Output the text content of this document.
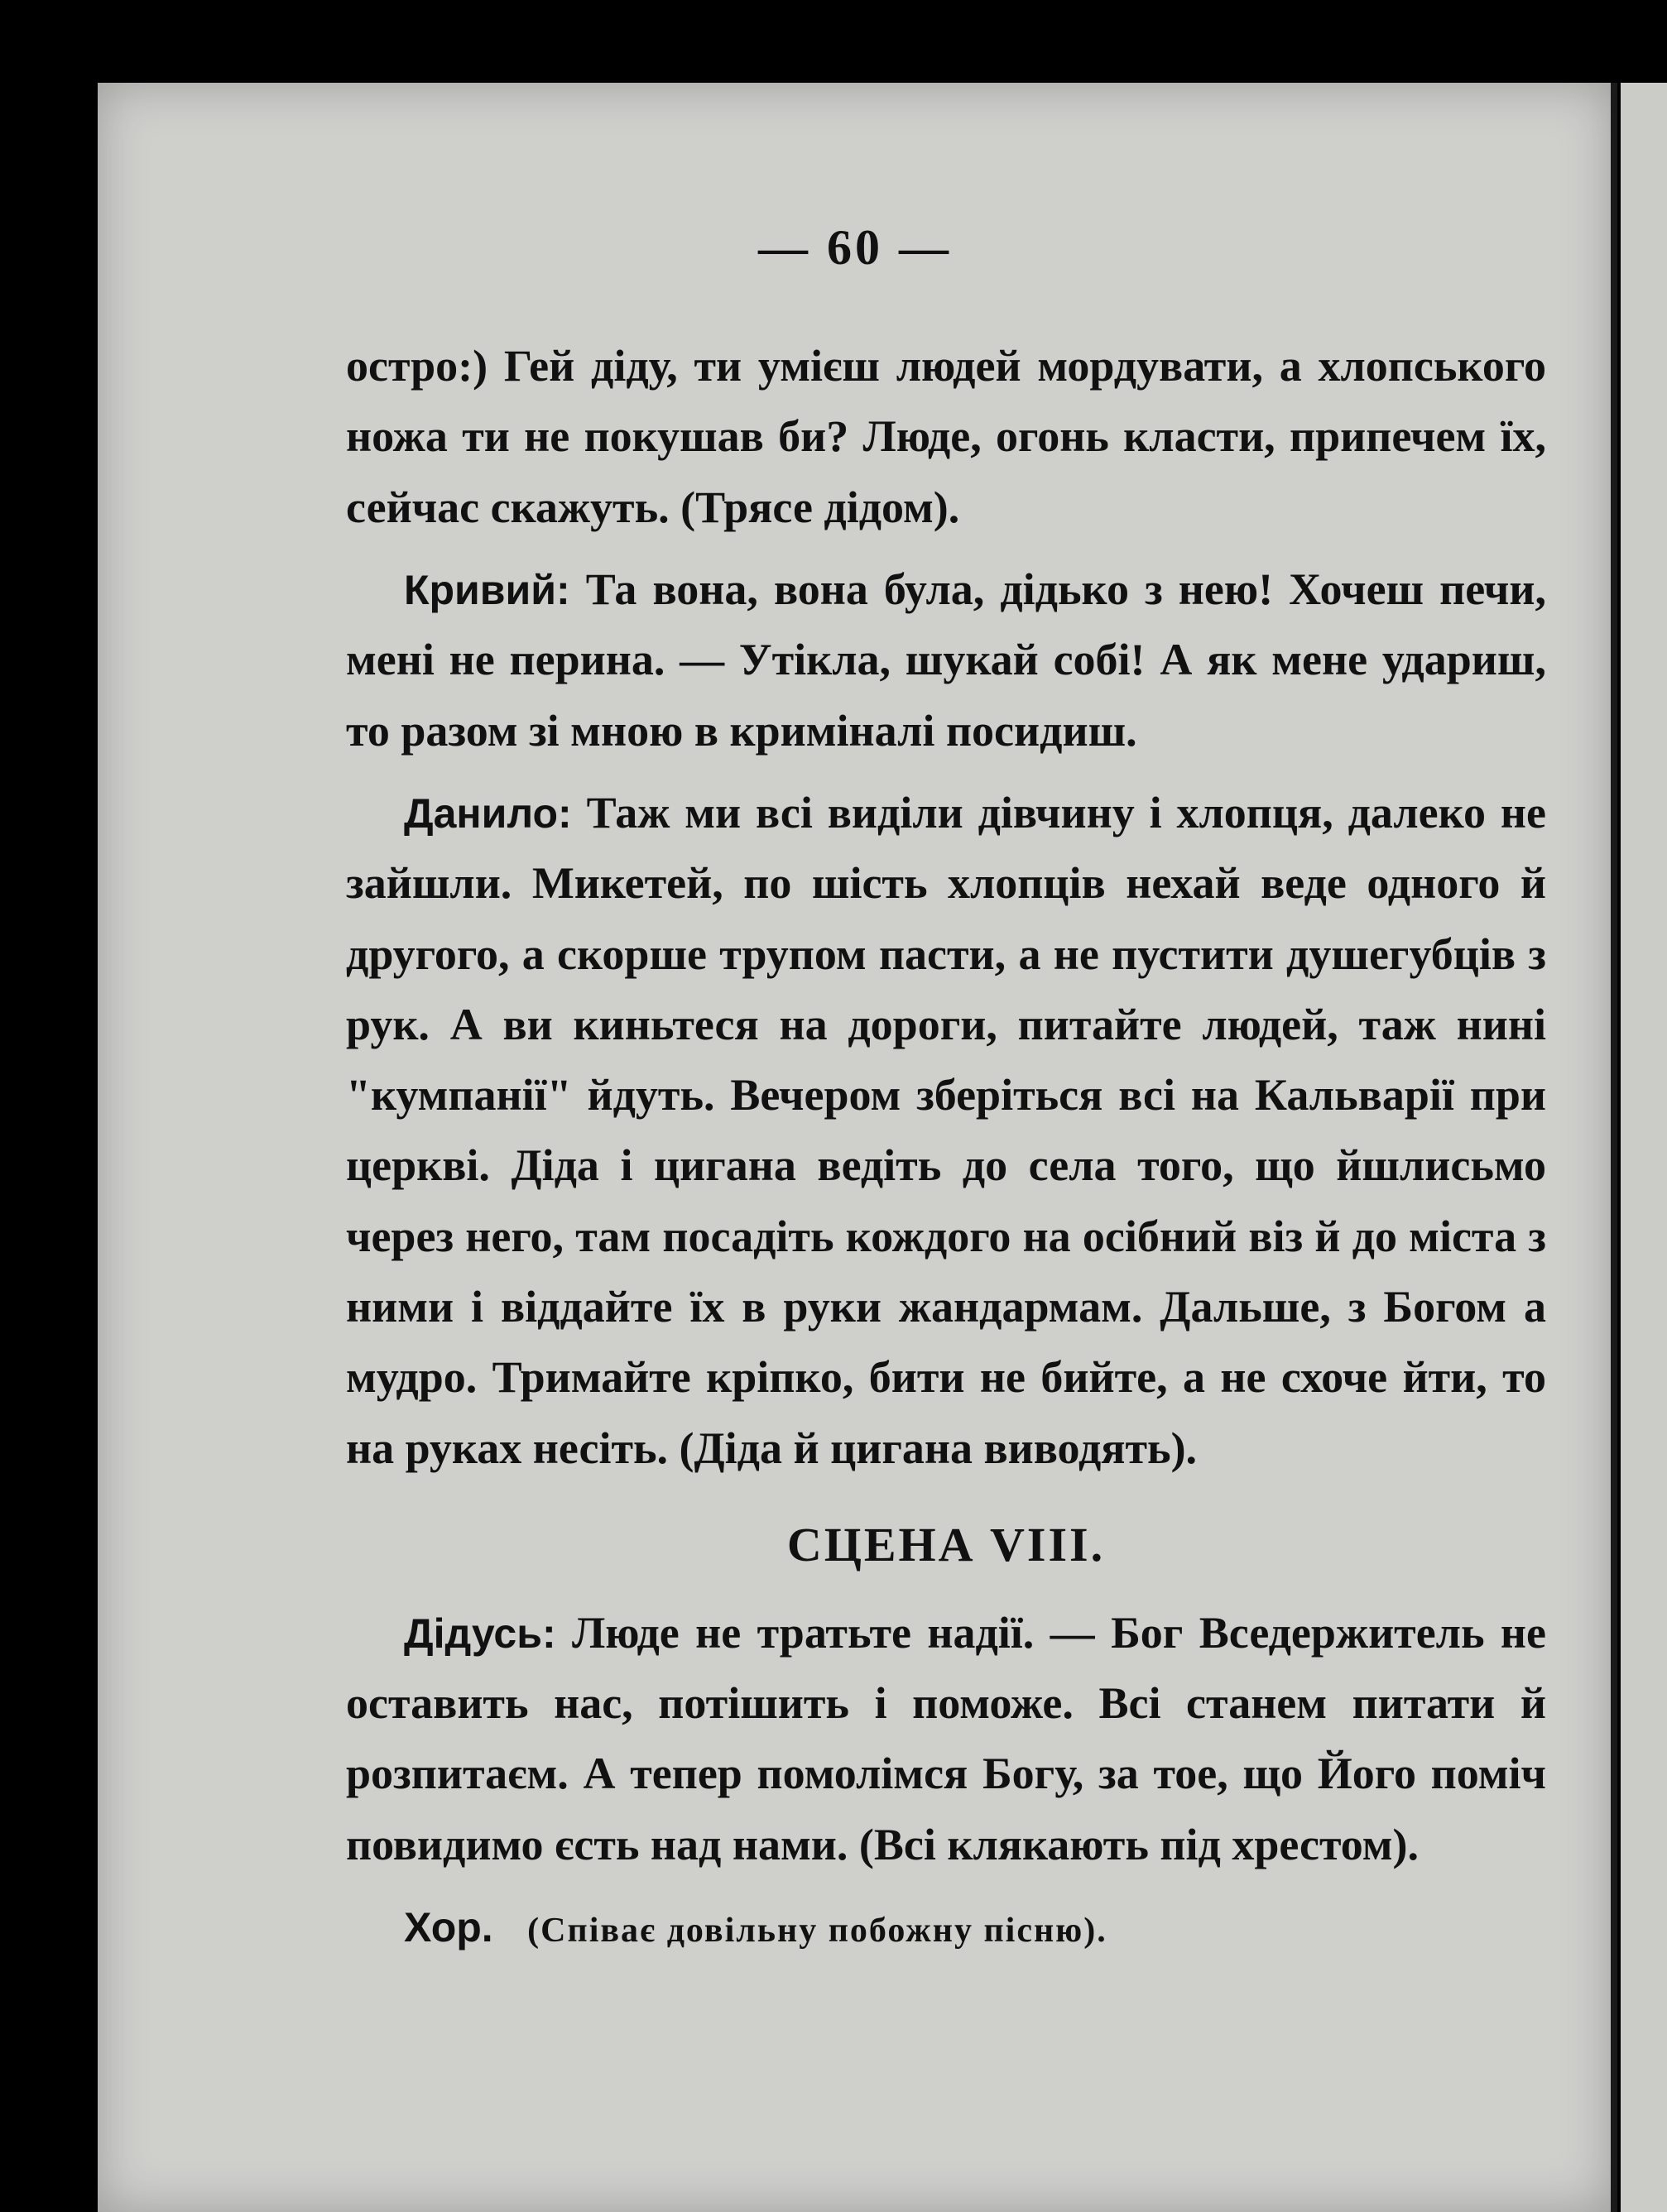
— 60 —

остро:) Гей діду, ти умієш людей мордувати, а хлопського ножа ти не покушав би? Люде, огонь класти, припечем їх, сейчас скажуть. (Трясе дідом).

Кривий: Та вона, вона була, дідько з нею! Хочеш печи, мені не перина. — Утікла, шукай собі! А як мене удариш, то разом зі мною в криміналі посидиш.

Данило: Таж ми всі виділи дівчину і хлопця, далеко не зайшли. Микетей, по шість хлопців нехай веде одного й другого, а скорше трупом пасти, а не пустити душегубців з рук. А ви киньтеся на дороги, питайте людей, таж нині "кумпанії" йдуть. Вечером зберіться всі на Кальварії при церкві. Діда і цигана ведіть до села того, що йшлисьмо через него, там посадіть кождого на осібний віз й до міста з ними і віддайте їх в руки жандармам. Дальше, з Богом а мудро. Тримайте кріпко, бити не бийте, а не схоче йти, то на руках несіть. (Діда й цигана виводять).

СЦЕНА VIII.

Дідусь: Люде не тратьте надії. — Бог Вседержитель не оставить нас, потішить і поможе. Всі станем питати й розпитаєм. А тепер помолімся Богу, за тое, що Його поміч повидимо єсть над нами. (Всі клякають під хрестом).

Хор. (Співає довільну побожну пісню).
